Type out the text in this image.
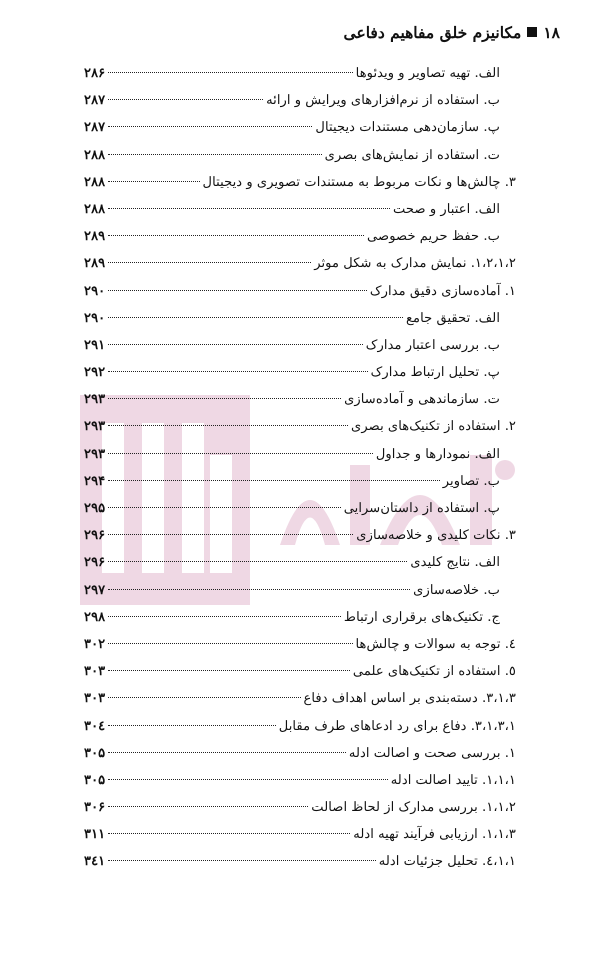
۱۸
مکانیزم خلق مفاهیم دفاعی
الف. تهیه تصاویر و ویدئوها
۲۸۶
ب. استفاده از نرم‌افزارهای ویرایش و ارائه
۲۸۷
پ. سازمان‌دهی مستندات دیجیتال
۲۸۷
ت. استفاده از نمایش‌های بصری
۲۸۸
۳. چالش‌ها و نکات مربوط به مستندات تصویری و دیجیتال
۲۸۸
الف. اعتبار و صحت
۲۸۸
ب. حفظ حریم خصوصی
۲۸۹
۱،۲،۱،۲. نمایش مدارک به شکل موثر
۲۸۹
۱. آماده‌سازی دقیق مدارک
۲۹۰
الف. تحقیق جامع
۲۹۰
ب. بررسی اعتبار مدارک
۲۹۱
پ. تحلیل ارتباط مدارک
۲۹۲
ت. سازماندهی و آماده‌سازی
۲۹۳
۲. استفاده از تکنیک‌های بصری
۲۹۳
الف. نمودارها و جداول
۲۹۳
ب. تصاویر
۲۹۴
پ. استفاده از داستان‌سرایی
۲۹۵
۳. نکات کلیدی و خلاصه‌سازی
۲۹۶
الف. نتایج کلیدی
۲۹۶
ب. خلاصه‌سازی
۲۹۷
ج. تکنیک‌های برقراری ارتباط
۲۹۸
٤. توجه به سوالات و چالش‌ها
۳۰۲
٥. استفاده از تکنیک‌های علمی
۳۰۳
۳،۱،۳. دسته‌بندی بر اساس اهداف دفاع
۳۰۳
۳،۱،۳،۱. دفاع برای رد ادعاهای طرف مقابل
۳۰٤
۱. بررسی صحت و اصالت ادله
۳۰۵
۱،۱،۱. تایید اصالت ادله
۳۰۵
۱،۱،۲. بررسی مدارک از لحاظ اصالت
۳۰۶
۱،۱،۳. ارزیابی فرآیند تهیه ادله
۳۱۱
۱،۱،٤. تحلیل جزئیات ادله
۳٤۱
